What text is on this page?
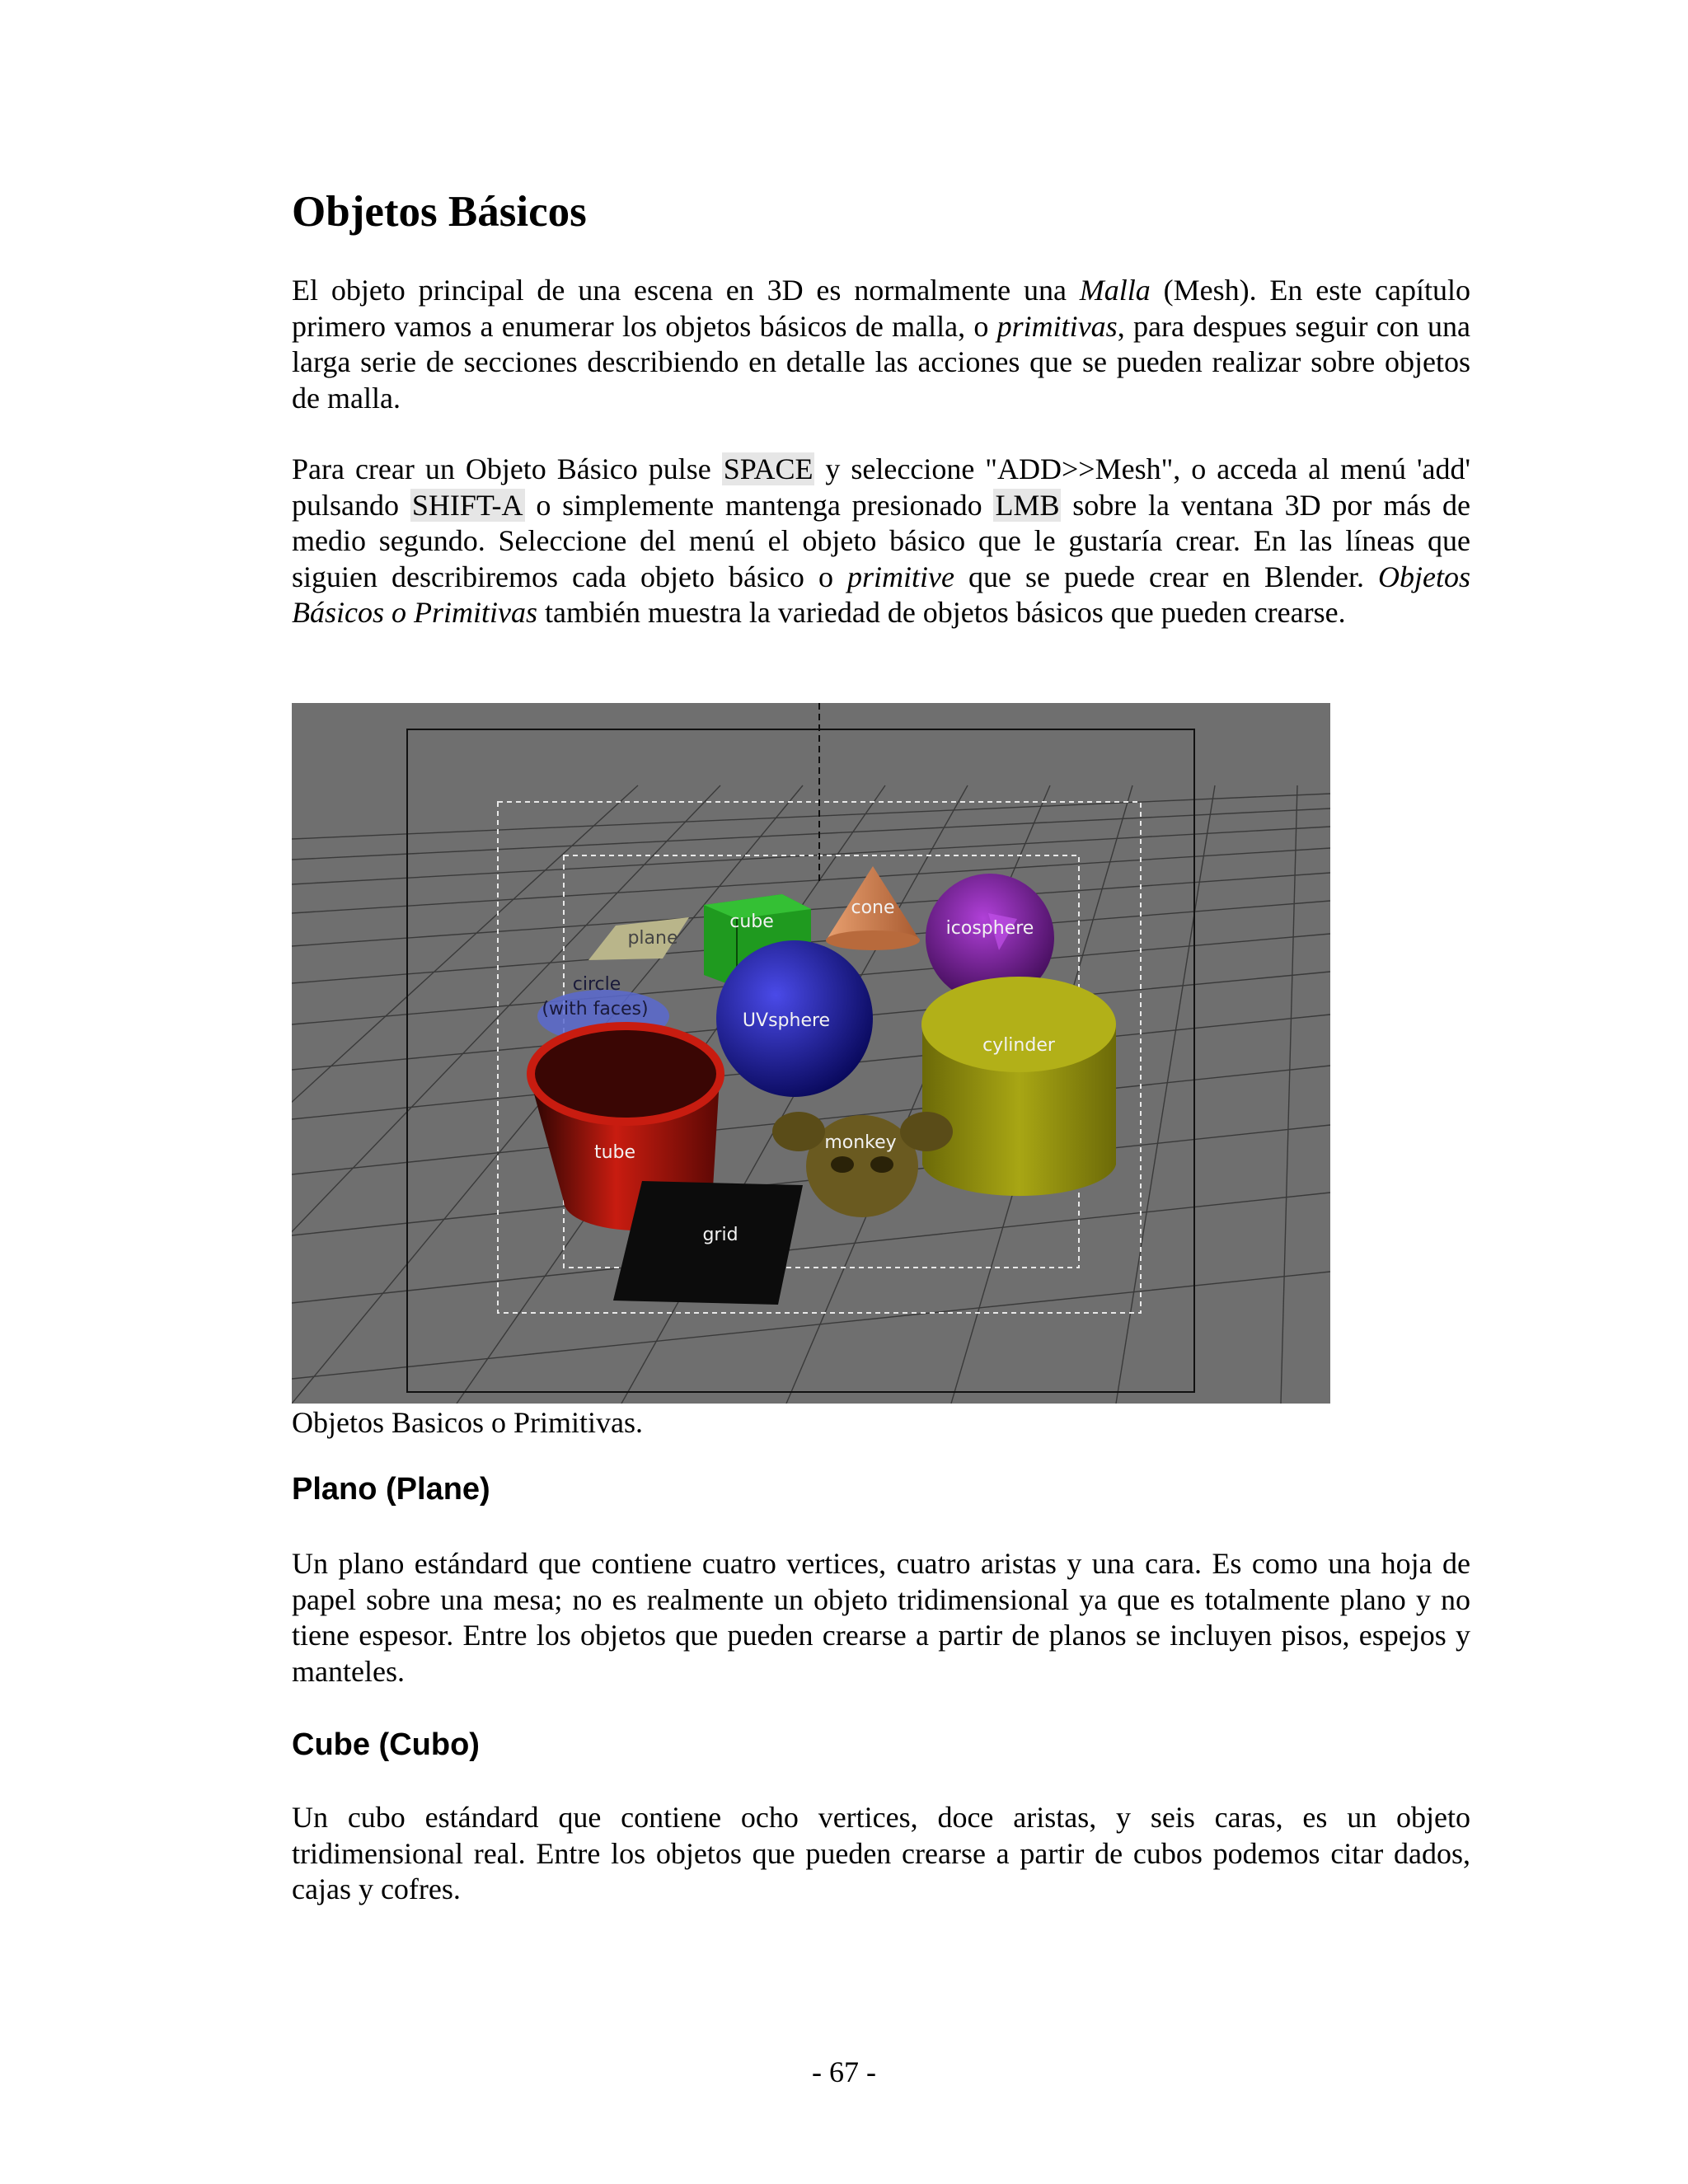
Objetos Básicos

El objeto principal de una escena en 3D es normalmente una Malla (Mesh). En este capítulo primero vamos a enumerar los objetos básicos de malla, o primitivas, para despues seguir con una larga serie de secciones describiendo en detalle las acciones que se pueden realizar sobre objetos de malla.

Para crear un Objeto Básico pulse SPACE y seleccione "ADD>>Mesh", o acceda al menú 'add' pulsando SHIFT-A o simplemente mantenga presionado LMB sobre la ventana 3D por más de medio segundo. Seleccione del menú el objeto básico que le gustaría crear. En las líneas que siguien describiremos cada objeto básico o primitive que se puede crear en Blender. Objetos Básicos o Primitivas también muestra la variedad de objetos básicos que pueden crearse.

plane
cube
cone
icosphere
circle
(with faces)
UVsphere
cylinder
tube	monkey
grid

Objetos Basicos o Primitivas.

Plano (Plane)

Un plano estándard que contiene cuatro vertices, cuatro aristas y una cara. Es como una hoja de papel sobre una mesa; no es realmente un objeto tridimensional ya que es totalmente plano y no tiene espesor. Entre los objetos que pueden crearse a partir de planos se incluyen pisos, espejos y manteles.

Cube (Cubo)

Un cubo estándard que contiene ocho vertices, doce aristas, y seis caras, es un objeto tridimensional real. Entre los objetos que pueden crearse a partir de cubos podemos citar dados, cajas y cofres.

- 67 -
